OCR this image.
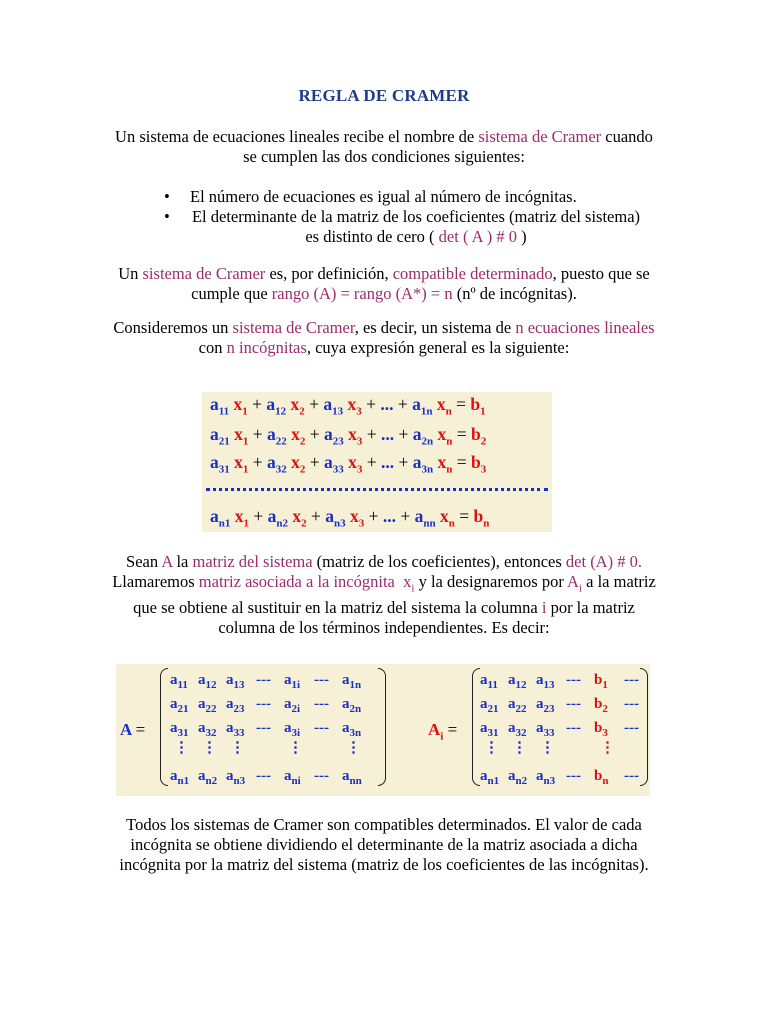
REGLA DE CRAMER
Un sistema de ecuaciones lineales recibe el nombre de sistema de Cramer cuando se cumplen las dos condiciones siguientes:
•	El número de ecuaciones es igual al número de incógnitas.
•	El determinante de la matriz de los coeficientes (matriz del sistema) es distinto de cero ( det ( A ) # 0 )
Un sistema de Cramer es, por definición, compatible determinado, puesto que se cumple que rango (A) = rango (A*) = n (nº de incógnitas).
Consideremos un sistema de Cramer, es decir, un sistema de n ecuaciones lineales con n incógnitas, cuya expresión general es la siguiente:
$a_{11}$ $x_1 + a_{12}$ $x_2 + a_{13}$ $x_3$ + ... + $a_{1n}$ $x_n = b_1$
$a_{21}$ $x_1 + a_{22}$ $x_2 + a_{23}$ $x_3$ + ... + $a_{2n}$ $x_n = b_2$
$a_{31}$ $x_1 + a_{32}$ $x_2 + a_{33}$ $x_3$ + ... + $a_{3n}$ $x_n = b_3$
$a_{n1}$ $x_1 + a_{n2}$ $x_2 + a_{n3}$ $x_3$ + ... + $a_{nn}$ $x_n = b_n$
Sean A la matriz del sistema (matriz de los coeficientes), entonces det (A) # 0. Llamaremos matriz asociada a la incógnita $x_i$ y la designaremos por $A_i$ a la matriz que se obtiene al sustituir en la matriz del sistema la columna i por la matriz columna de los términos independientes. Es decir:
A =	$A_i$ =
$a_{11}$ $a_{12}$ $a_{13}$ --- $a_{1i}$ --- $a_{1n}$
$a_{21}$ $a_{22}$ $a_{23}$ --- $a_{2i}$ --- $a_{2n}$
$a_{31}$ $a_{32}$ $a_{33}$ --- $a_{3i}$ --- $a_{3n}$
⋮ ⋮ ⋮	⋮	⋮
$a_{n1}$ $a_{n2}$ $a_{n3}$ --- $a_{ni}$ --- $a_{nn}$
$a_{11}$ $a_{12}$ $a_{13}$ --- $b_1$ ---
$a_{21}$ $a_{22}$ $a_{23}$ --- $b_2$ ---
$a_{31}$ $a_{32}$ $a_{33}$ --- $b_3$ ---
⋮ ⋮ ⋮	⋮
$a_{n1}$ $a_{n2}$ $a_{n3}$ --- $b_n$ ---
Todos los sistemas de Cramer son compatibles determinados. El valor de cada incógnita se obtiene dividiendo el determinante de la matriz asociada a dicha incógnita por la matriz del sistema (matriz de los coeficientes de las incógnitas).
